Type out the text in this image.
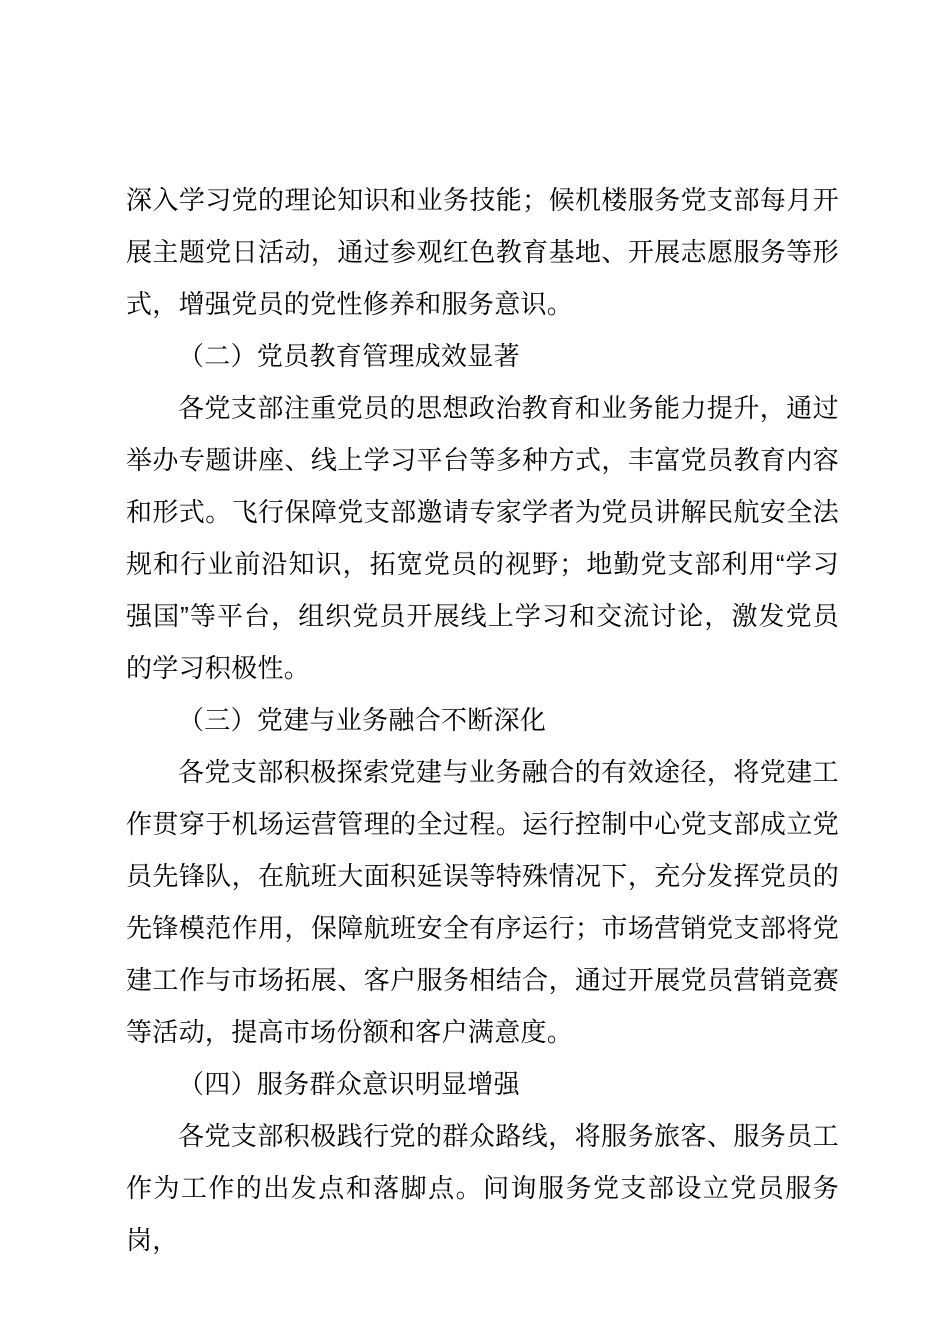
深入学习党的理论知识和业务技能；候机楼服务党支部每月开展主题党日活动，通过参观红色教育基地、开展志愿服务等形式，增强党员的党性修养和服务意识。

（二）党员教育管理成效显著

各党支部注重党员的思想政治教育和业务能力提升，通过举办专题讲座、线上学习平台等多种方式，丰富党员教育内容和形式。飞行保障党支部邀请专家学者为党员讲解民航安全法规和行业前沿知识，拓宽党员的视野；地勤党支部利用“学习强国”等平台，组织党员开展线上学习和交流讨论，激发党员的学习积极性。

（三）党建与业务融合不断深化

各党支部积极探索党建与业务融合的有效途径，将党建工作贯穿于机场运营管理的全过程。运行控制中心党支部成立党员先锋队，在航班大面积延误等特殊情况下，充分发挥党员的先锋模范作用，保障航班安全有序运行；市场营销党支部将党建工作与市场拓展、客户服务相结合，通过开展党员营销竞赛等活动，提高市场份额和客户满意度。

（四）服务群众意识明显增强

各党支部积极践行党的群众路线，将服务旅客、服务员工作为工作的出发点和落脚点。问询服务党支部设立党员服务岗，
